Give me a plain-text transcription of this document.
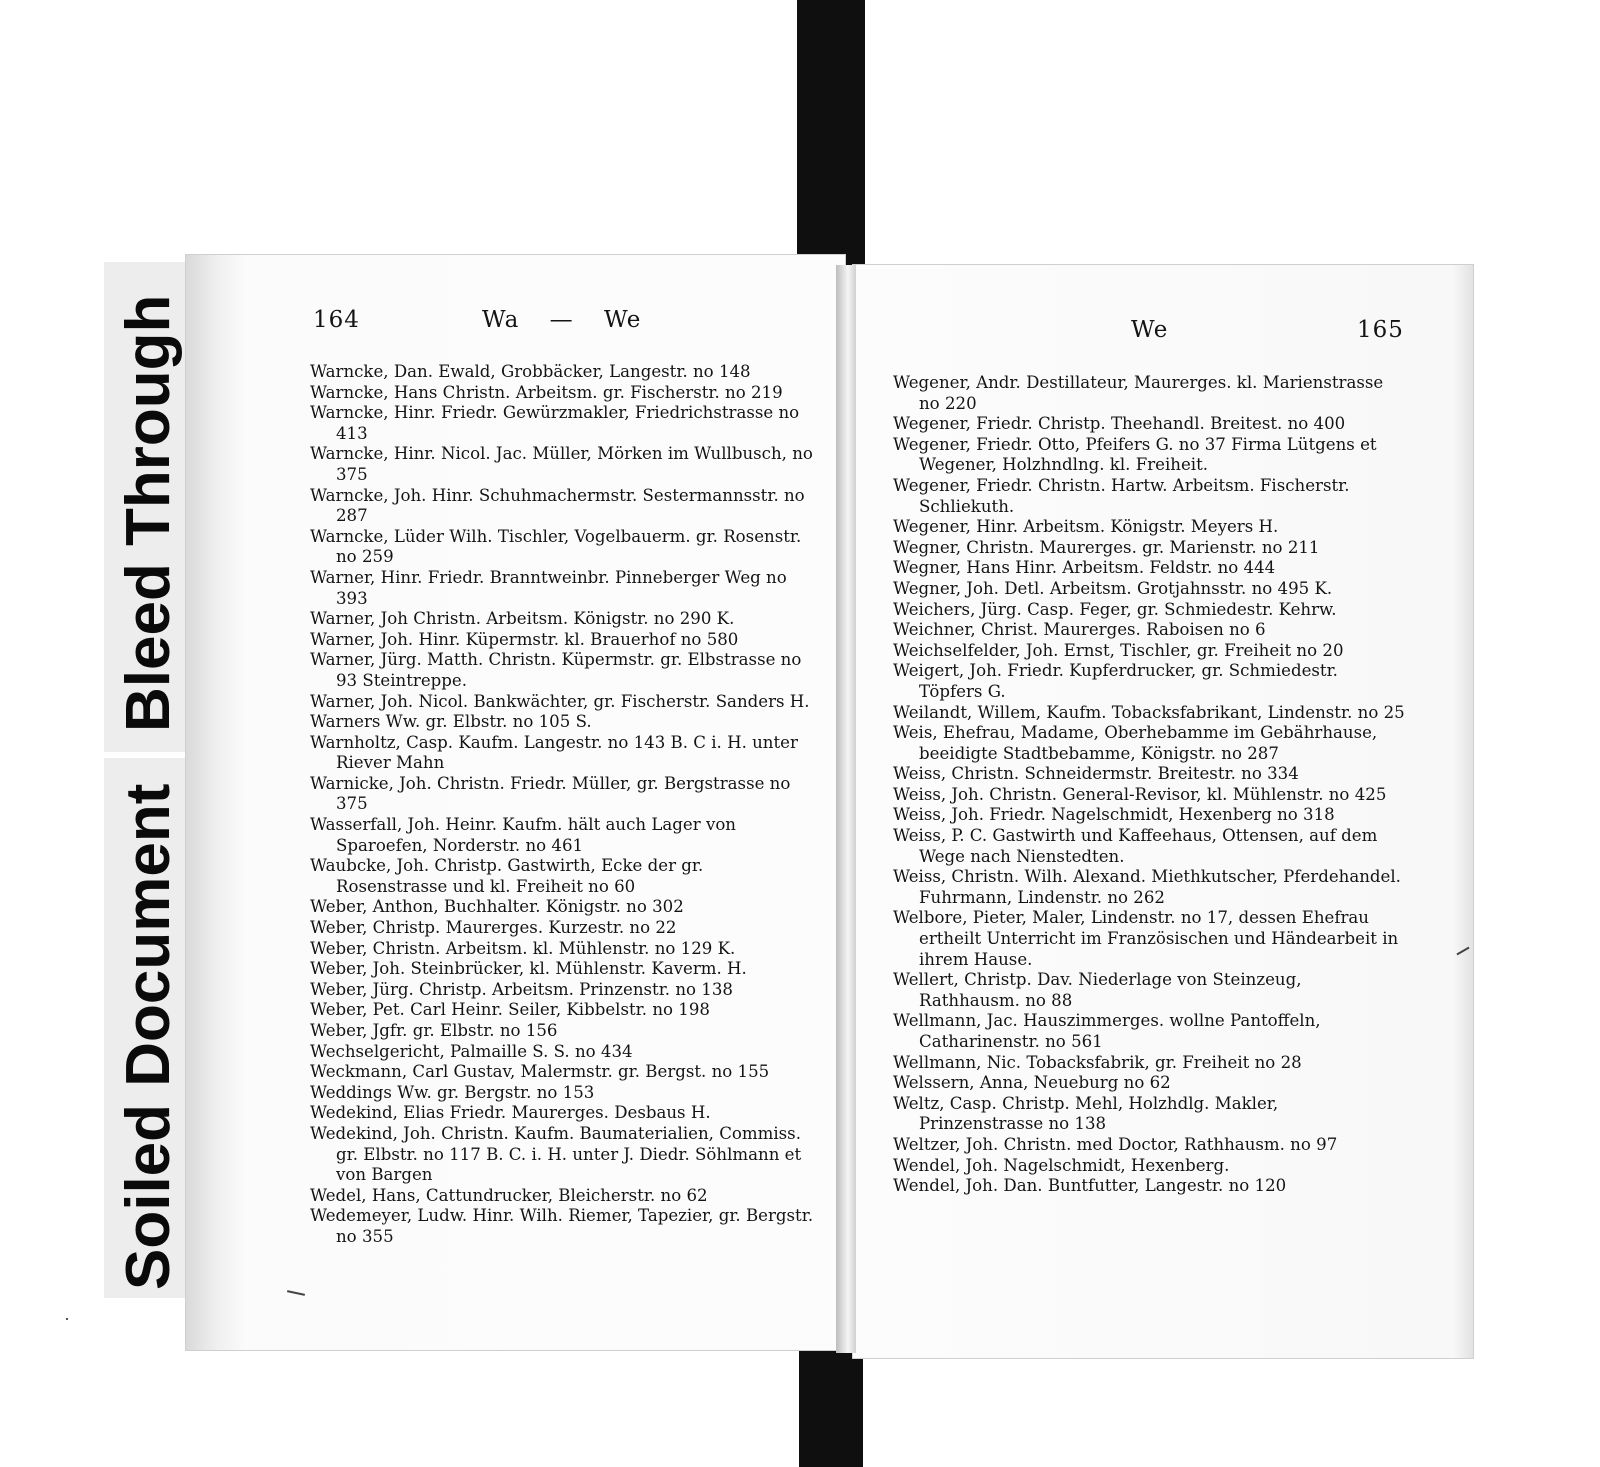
Bleed Through
Soiled Document
164	Wa — We	We	165
Warncke, Dan. Ewald, Grobbäcker, Langestr. no 148
Warncke, Hans Christn. Arbeitsm. gr. Fischerstr. no 219
Warncke, Hinr. Friedr. Gewürzmakler, Friedrichstrasse no 413
Warncke, Hinr. Nicol. Jac. Müller, Mörken im Wullbusch, no 375
Warncke, Joh. Hinr. Schuhmachermstr. Sestermannsstr. no 287
Warncke, Lüder Wilh. Tischler, Vogelbauerm. gr. Rosenstr. no 259
Warner, Hinr. Friedr. Branntweinbr. Pinneberger Weg no 393
Warner, Joh Christn. Arbeitsm. Königstr. no 290 K.
Warner, Joh. Hinr. Küpermstr. kl. Brauerhof no 580
Warner, Jürg. Matth. Christn. Küpermstr. gr. Elbstrasse no 93 Steintreppe.
Warner, Joh. Nicol. Bankwächter, gr. Fischerstr. Sanders H.
Warners Ww. gr. Elbstr. no 105 S.
Warnholtz, Casp. Kaufm. Langestr. no 143 B. C i. H. unter Riever Mahn
Warnicke, Joh. Christn. Friedr. Müller, gr. Bergstrasse no 375
Wasserfall, Joh. Heinr. Kaufm. hält auch Lager von Sparoefen, Norderstr. no 461
Waubcke, Joh. Christp. Gastwirth, Ecke der gr. Rosenstrasse und kl. Freiheit no 60
Weber, Anthon, Buchhalter. Königstr. no 302
Weber, Christp. Maurerges. Kurzestr. no 22
Weber, Christn. Arbeitsm. kl. Mühlenstr. no 129 K.
Weber, Joh. Steinbrücker, kl. Mühlenstr. Kaverm. H.
Weber, Jürg. Christp. Arbeitsm. Prinzenstr. no 138
Weber, Pet. Carl Heinr. Seiler, Kibbelstr. no 198
Weber, Jgfr. gr. Elbstr. no 156
Wechselgericht, Palmaille S. S. no 434
Weckmann, Carl Gustav, Malermstr. gr. Bergst. no 155
Weddings Ww. gr. Bergstr. no 153
Wedekind, Elias Friedr. Maurerges. Desbaus H.
Wedekind, Joh. Christn. Kaufm. Baumaterialien, Commiss. gr. Elbstr. no 117 B. C. i. H. unter J. Diedr. Söhlmann et von Bargen
Wedel, Hans, Cattundrucker, Bleicherstr. no 62
Wedemeyer, Ludw. Hinr. Wilh. Riemer, Tapezier, gr. Bergstr. no 355
Wegener, Andr. Destillateur, Maurerges. kl. Marienstrasse no 220
Wegener, Friedr. Christp. Theehandl. Breitest. no 400
Wegener, Friedr. Otto, Pfeifers G. no 37 Firma Lütgens et Wegener, Holzhndlng. kl. Freiheit.
Wegener, Friedr. Christn. Hartw. Arbeitsm. Fischerstr. Schliekuth.
Wegener, Hinr. Arbeitsm. Königstr. Meyers H.
Wegner, Christn. Maurerges. gr. Marienstr. no 211
Wegner, Hans Hinr. Arbeitsm. Feldstr. no 444
Wegner, Joh. Detl. Arbeitsm. Grotjahnsstr. no 495 K.
Weichers, Jürg. Casp. Feger, gr. Schmiedestr. Kehrw.
Weichner, Christ. Maurerges. Raboisen no 6
Weichselfelder, Joh. Ernst, Tischler, gr. Freiheit no 20
Weigert, Joh. Friedr. Kupferdrucker, gr. Schmiedestr. Töpfers G.
Weilandt, Willem, Kaufm. Tobacksfabrikant, Lindenstr. no 25
Weis, Ehefrau, Madame, Oberhebamme im Gebährhause, beeidigte Stadtbebamme, Königstr. no 287
Weiss, Christn. Schneidermstr. Breitestr. no 334
Weiss, Joh. Christn. General-Revisor, kl. Mühlenstr. no 425
Weiss, Joh. Friedr. Nagelschmidt, Hexenberg no 318
Weiss, P. C. Gastwirth und Kaffeehaus, Ottensen, auf dem Wege nach Nienstedten.
Weiss, Christn. Wilh. Alexand. Miethkutscher, Pferdehandel. Fuhrmann, Lindenstr. no 262
Welbore, Pieter, Maler, Lindenstr. no 17, dessen Ehefrau ertheilt Unterricht im Französischen und Händearbeit in ihrem Hause.
Wellert, Christp. Dav. Niederlage von Steinzeug, Rathhausm. no 88
Wellmann, Jac. Hauszimmerges. wollne Pantoffeln, Catharinenstr. no 561
Wellmann, Nic. Tobacksfabrik, gr. Freiheit no 28
Welssern, Anna, Neueburg no 62
Weltz, Casp. Christp. Mehl, Holzhdlg. Makler, Prinzenstrasse no 138
Weltzer, Joh. Christn. med Doctor, Rathhausm. no 97
Wendel, Joh. Nagelschmidt, Hexenberg.
Wendel, Joh. Dan. Buntfutter, Langestr. no 120
